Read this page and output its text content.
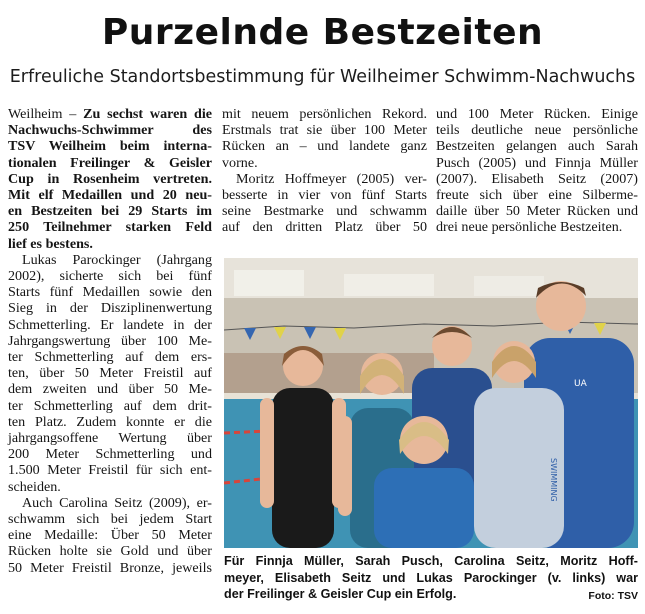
Purzelnde Bestzeiten
Erfreuliche Standortsbestimmung für Weilheimer Schwimm-Nachwuchs

Weilheim – Zu sechst waren die
Nachwuchs-Schwimmer des
TSV Weilheim beim interna-
tionalen Freilinger & Geisler
Cup in Rosenheim vertreten.
Mit elf Medaillen und 20 neu-
en Bestzeiten bei 29 Starts im
250 Teilnehmer starken Feld
lief es bestens.

Lukas Parockinger (Jahrgang
2002), sicherte sich bei fünf
Starts fünf Medaillen sowie den
Sieg in der Disziplinenwertung
Schmetterling. Er landete in der
Jahrgangswertung über 100 Me-
ter Schmetterling auf dem ers-
ten, über 50 Meter Freistil auf
dem zweiten und über 50 Me-
ter Schmetterling auf dem drit-
ten Platz. Zudem konnte er die
jahrgangsoffene Wertung über
200 Meter Schmetterling und
1.500 Meter Freistil für sich ent-
scheiden.

Auch Carolina Seitz (2009), er-
schwamm sich bei jedem Start
eine Medaille: Über 50 Meter
Rücken holte sie Gold und über
50 Meter Freistil Bronze, jeweils

mit neuem persönlichen Rekord.
Erstmals trat sie über 100 Meter
Rücken an – und landete ganz
vorne.

Moritz Hoffmeyer (2005) ver-
besserte in vier von fünf Starts
seine Bestmarke und schwamm
auf den dritten Platz über 50

und 100 Meter Rücken. Einige
teils deutliche neue persönliche
Bestzeiten gelangen auch Sarah
Pusch (2005) und Finnja Müller
(2007). Elisabeth Seitz (2007)
freute sich über eine Silberme-
daille über 50 Meter Rücken und
drei neue persönliche Bestzeiten.

UA
SWIMMING
Für Finnja Müller, Sarah Pusch, Carolina Seitz, Moritz Hoff-
meyer, Elisabeth Seitz und Lukas Parockinger (v. links) war
der Freilinger & Geisler Cup ein Erfolg.	Foto: TSV
